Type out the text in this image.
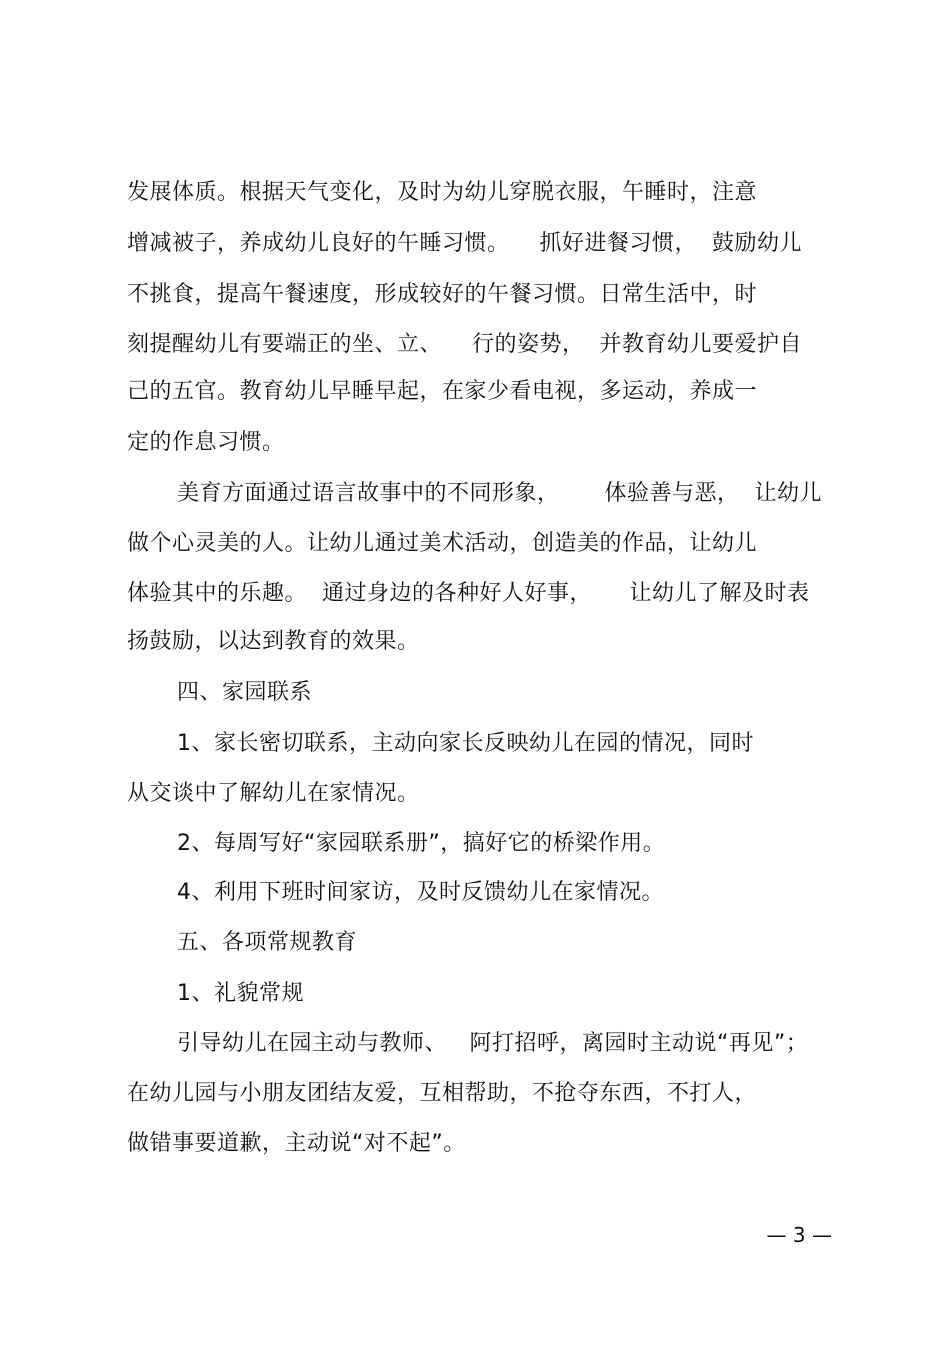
发展体质。根据天气变化，及时为幼儿穿脱衣服，午睡时，注意
增减被子，养成幼儿良好的午睡习惯。    抓好进餐习惯，  鼓励幼儿
不挑食，提高午餐速度，形成较好的午餐习惯。日常生活中，时
刻提醒幼儿有要端正的坐、立、    行的姿势，  并教育幼儿要爱护自
己的五官。教育幼儿早睡早起，在家少看电视，多运动，养成一
定的作息习惯。
美育方面通过语言故事中的不同形象，      体验善与恶，  让幼儿
做个心灵美的人。让幼儿通过美术活动，创造美的作品，让幼儿
体验其中的乐趣。  通过身边的各种好人好事，     让幼儿了解及时表
扬鼓励，以达到教育的效果。
四、家园联系
1、家长密切联系，主动向家长反映幼儿在园的情况，同时
从交谈中了解幼儿在家情况。
2、每周写好“家园联系册”，搞好它的桥梁作用。
4、利用下班时间家访，及时反馈幼儿在家情况。
五、各项常规教育
1、礼貌常规
引导幼儿在园主动与教师、   阿打招呼，离园时主动说“再见”；
在幼儿园与小朋友团结友爱，互相帮助，不抢夺东西，不打人，
做错事要道歉，主动说“对不起”。
— 3 —
